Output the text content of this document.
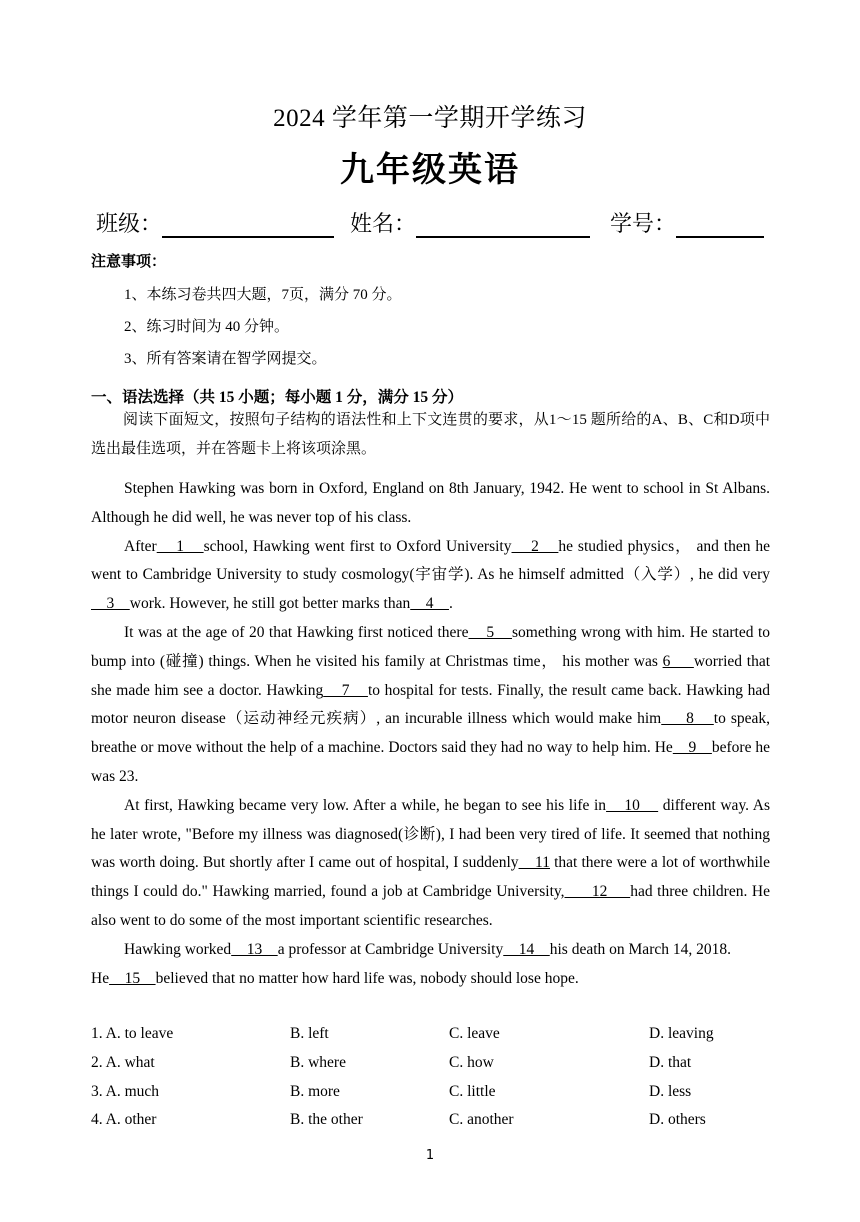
2024 学年第一学期开学练习
九年级英语
班级：	姓名：	学号：
注意事项：
1、本练习卷共四大题，7页，满分 70 分。
2、练习时间为 40 分钟。
3、所有答案请在智学网提交。
一、语法选择（共 15 小题；每小题 1 分，满分 15 分）
阅读下面短文，按照句子结构的语法性和上下文连贯的要求，从1～15 题所给的A、B、C和D项中选出最佳选项，并在答题卡上将该项涂黑。

Stephen Hawking was born in Oxford, England on 8th January, 1942. He went to school in St Albans. Although he did well, he was never top of his class.

After    1    school, Hawking went first to Oxford University    2    he studied physics， and then he went to Cambridge University to study cosmology(宇宙学). As he himself admitted（入学）, he did very    3    work. However, he still got better marks than    4    .

It was at the age of 20 that Hawking first noticed there    5    something wrong with him. He started to bump into (碰撞) things. When he visited his family at Christmas time， his mother was 6     worried that she made him see a doctor. Hawking    7    to hospital for tests. Finally, the result came back. Hawking had motor neuron disease（运动神经元疾病）, an incurable illness which would make him     8    to speak, breathe or move without the help of a machine. Doctors said they had no way to help him. He    9    before he was 23.

At first, Hawking became very low. After a while, he began to see his life in    10     different way. As he later wrote, "Before my illness was diagnosed(诊断), I had been very tired of life. It seemed that nothing was worth doing. But shortly after I came out of hospital, I suddenly    11 that there were a lot of worthwhile things I could do." Hawking married, found a job at Cambridge University,      12     had three children. He also went to do some of the most important scientific researches.

Hawking worked    13    a professor at Cambridge University    14    his death on March 14, 2018.

He    15    believed that no matter how hard life was, nobody should lose hope.

1. A. to leave	B. left	C. leave	D. leaving
2. A. what	B. where	C. how	D. that
3. A. much	B. more	C. little	D. less
4. A. other	B. the other	C. another	D. others
1
